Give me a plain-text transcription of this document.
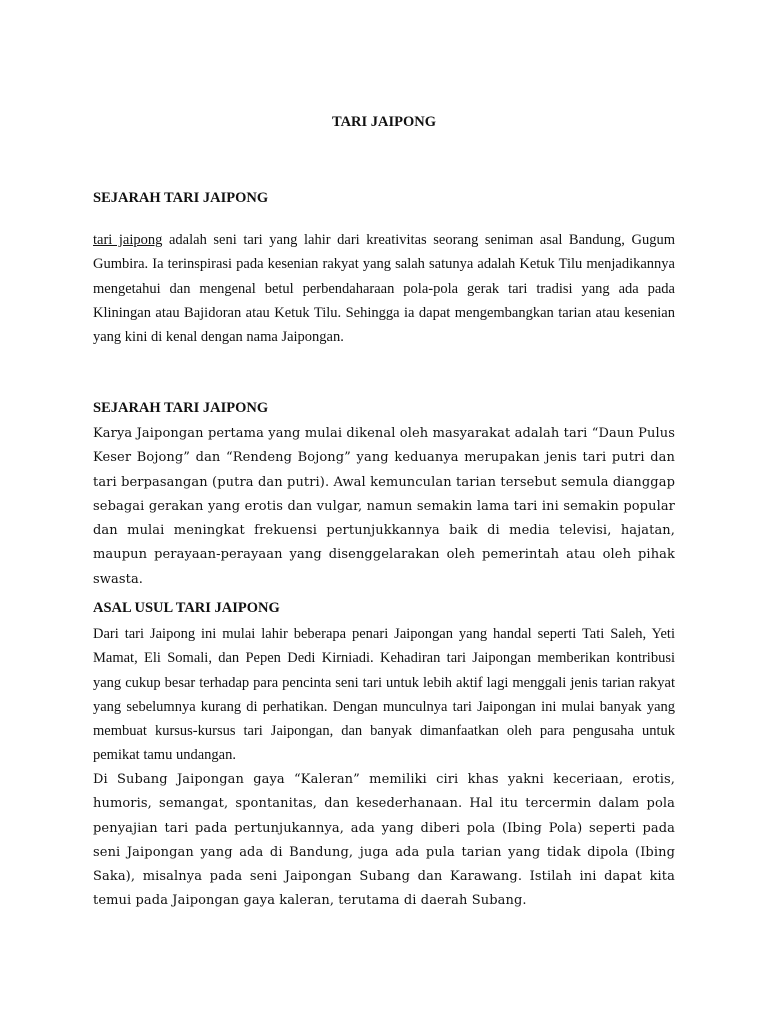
TARI JAIPONG
SEJARAH TARI JAIPONG

tari jaipong adalah seni tari yang lahir dari kreativitas seorang seniman asal Bandung, Gugum Gumbira. Ia terinspirasi pada kesenian rakyat yang salah satunya adalah Ketuk Tilu menjadikannya mengetahui dan mengenal betul perbendaharaan pola-pola gerak tari tradisi yang ada pada Kliningan atau Bajidoran atau Ketuk Tilu. Sehingga ia dapat mengembangkan tarian atau kesenian yang kini di kenal dengan nama Jaipongan.

SEJARAH TARI JAIPONG

Karya Jaipongan pertama yang mulai dikenal oleh masyarakat adalah tari “Daun Pulus Keser Bojong” dan “Rendeng Bojong” yang keduanya merupakan jenis tari putri dan tari berpasangan (putra dan putri). Awal kemunculan tarian tersebut semula dianggap sebagai gerakan yang erotis dan vulgar, namun semakin lama tari ini semakin popular dan mulai meningkat frekuensi pertunjukkannya baik di media televisi, hajatan, maupun perayaan-perayaan yang disenggelarakan oleh pemerintah atau oleh pihak swasta.

ASAL USUL TARI JAIPONG

Dari tari Jaipong ini mulai lahir beberapa penari Jaipongan yang handal seperti Tati Saleh, Yeti Mamat, Eli Somali, dan Pepen Dedi Kirniadi. Kehadiran tari Jaipongan memberikan kontribusi yang cukup besar terhadap para pencinta seni tari untuk lebih aktif lagi menggali jenis tarian rakyat yang sebelumnya kurang di perhatikan. Dengan munculnya tari Jaipongan ini mulai banyak yang membuat kursus-kursus tari Jaipongan, dan banyak dimanfaatkan oleh para pengusaha untuk pemikat tamu undangan.

Di Subang Jaipongan gaya “Kaleran” memiliki ciri khas yakni keceriaan, erotis, humoris, semangat, spontanitas, dan kesederhanaan. Hal itu tercermin dalam pola penyajian tari pada pertunjukannya, ada yang diberi pola (Ibing Pola) seperti pada seni Jaipongan yang ada di Bandung, juga ada pula tarian yang tidak dipola (Ibing Saka), misalnya pada seni Jaipongan Subang dan Karawang. Istilah ini dapat kita temui pada Jaipongan gaya kaleran, terutama di daerah Subang.
